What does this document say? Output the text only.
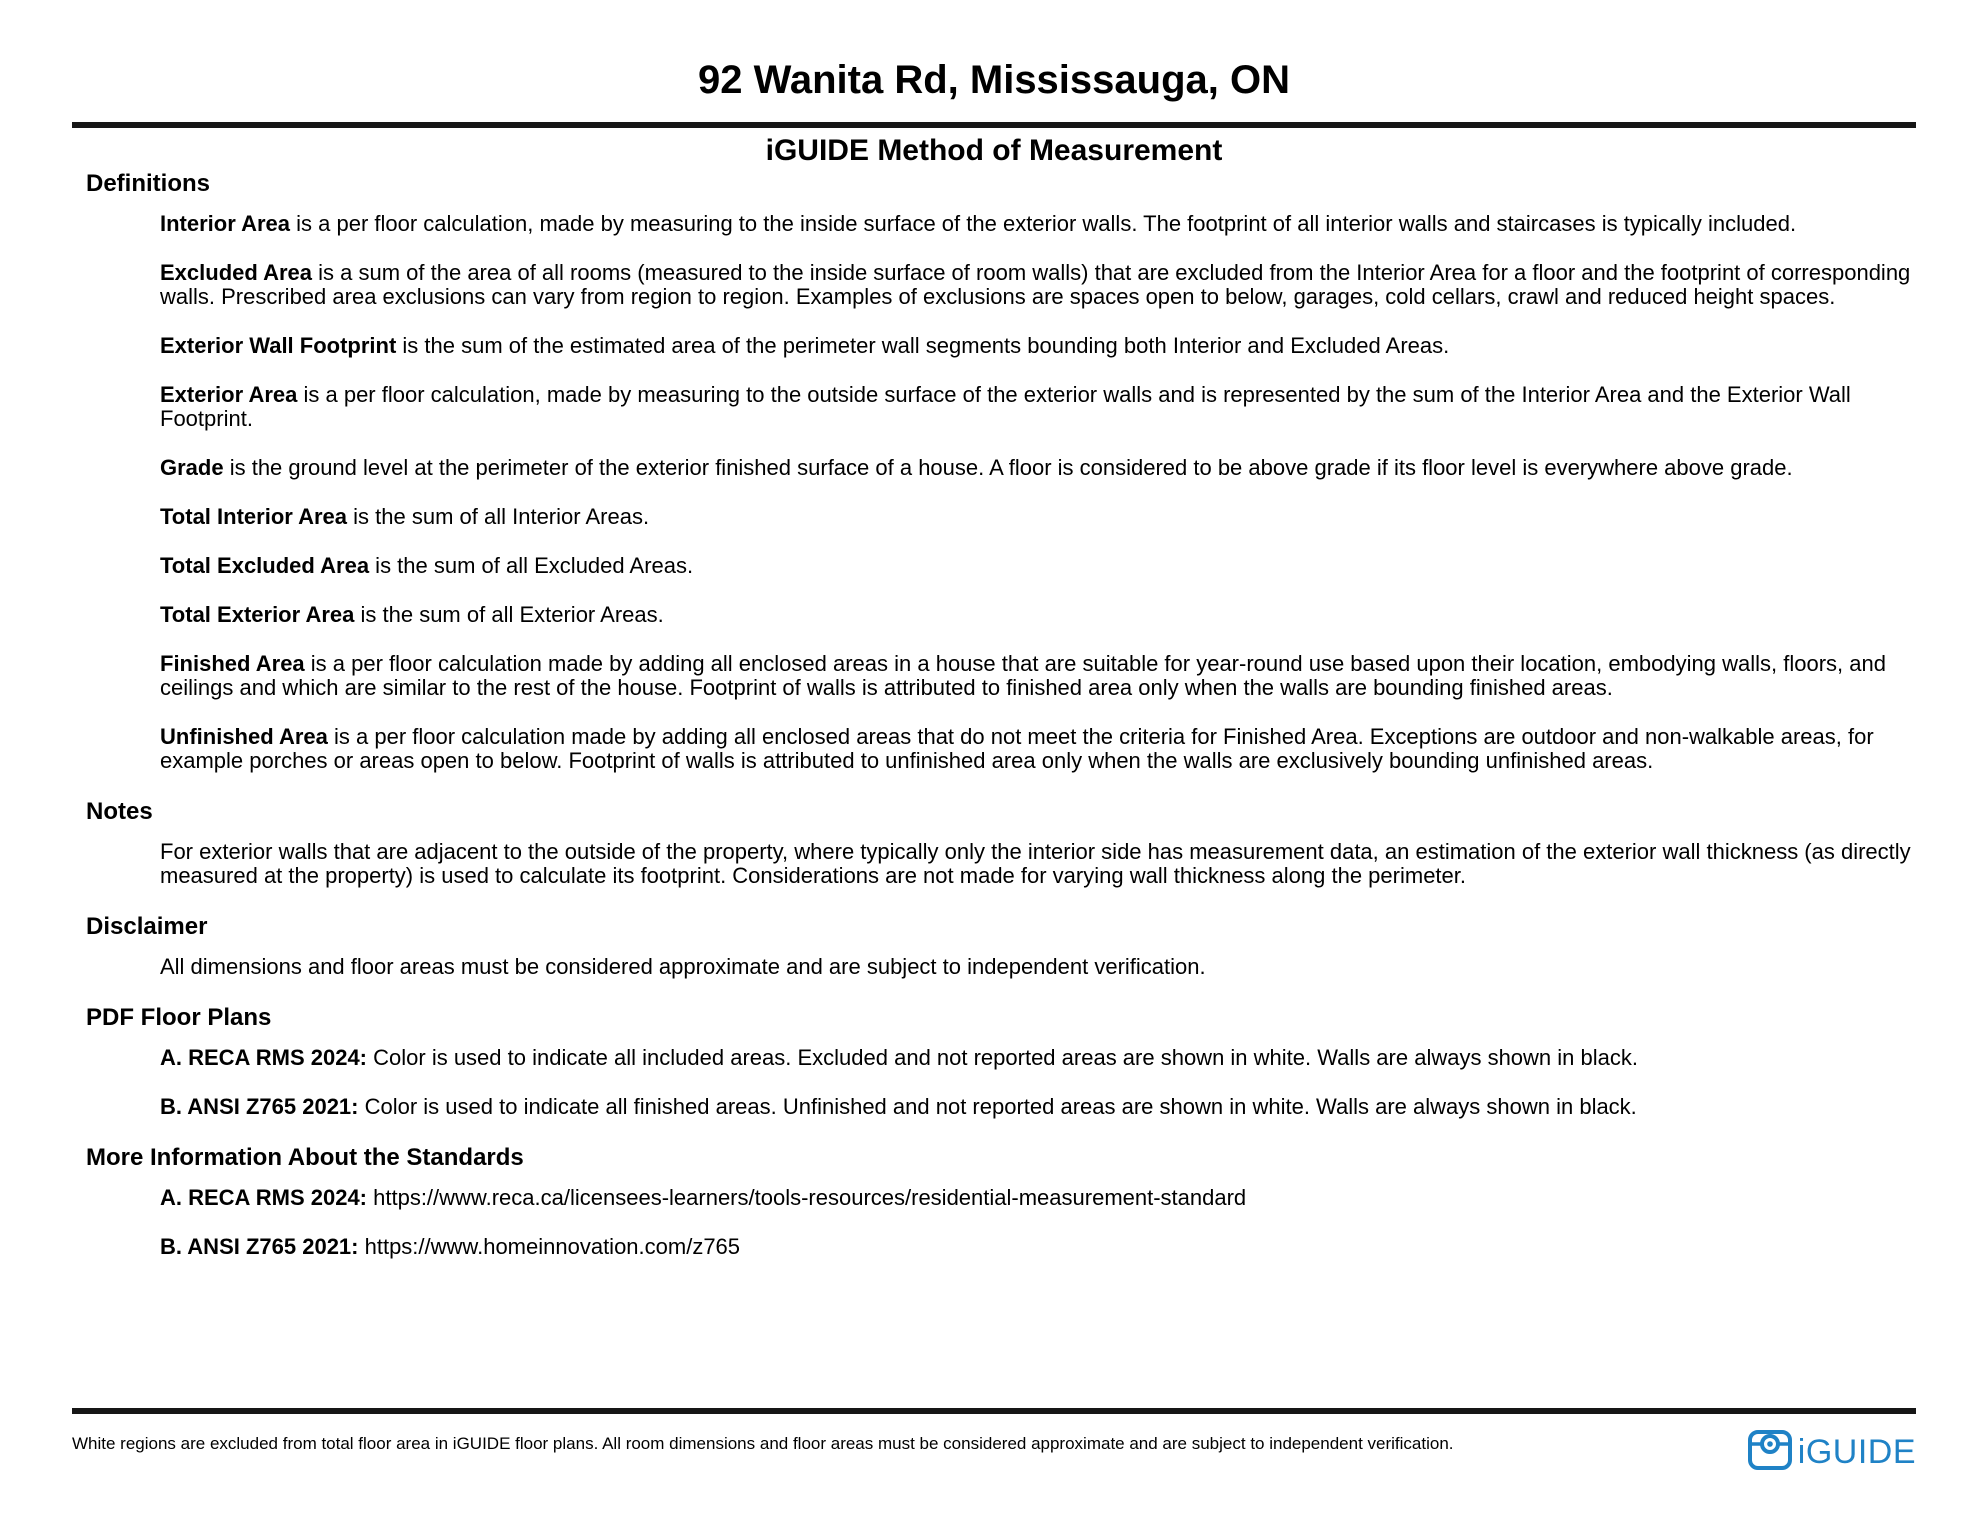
92 Wanita Rd, Mississauga, ON
iGUIDE Method of Measurement
Definitions

Interior Area is a per floor calculation, made by measuring to the inside surface of the exterior walls. The footprint of all interior walls and staircases is typically included.

Excluded Area is a sum of the area of all rooms (measured to the inside surface of room walls) that are excluded from the Interior Area for a floor and the footprint of corresponding walls. Prescribed area exclusions can vary from region to region. Examples of exclusions are spaces open to below, garages, cold cellars, crawl and reduced height spaces.

Exterior Wall Footprint is the sum of the estimated area of the perimeter wall segments bounding both Interior and Excluded Areas.

Exterior Area is a per floor calculation, made by measuring to the outside surface of the exterior walls and is represented by the sum of the Interior Area and the Exterior Wall Footprint.

Grade is the ground level at the perimeter of the exterior finished surface of a house. A floor is considered to be above grade if its floor level is everywhere above grade.

Total Interior Area is the sum of all Interior Areas.

Total Excluded Area is the sum of all Excluded Areas.

Total Exterior Area is the sum of all Exterior Areas.

Finished Area is a per floor calculation made by adding all enclosed areas in a house that are suitable for year-round use based upon their location, embodying walls, floors, and ceilings and which are similar to the rest of the house. Footprint of walls is attributed to finished area only when the walls are bounding finished areas.

Unfinished Area is a per floor calculation made by adding all enclosed areas that do not meet the criteria for Finished Area. Exceptions are outdoor and non-walkable areas, for example porches or areas open to below. Footprint of walls is attributed to unfinished area only when the walls are exclusively bounding unfinished areas.

Notes

For exterior walls that are adjacent to the outside of the property, where typically only the interior side has measurement data, an estimation of the exterior wall thickness (as directly measured at the property) is used to calculate its footprint. Considerations are not made for varying wall thickness along the perimeter.

Disclaimer

All dimensions and floor areas must be considered approximate and are subject to independent verification.

PDF Floor Plans

A. RECA RMS 2024: Color is used to indicate all included areas. Excluded and not reported areas are shown in white. Walls are always shown in black.

B. ANSI Z765 2021: Color is used to indicate all finished areas. Unfinished and not reported areas are shown in white. Walls are always shown in black.

More Information About the Standards

A. RECA RMS 2024: https://www.reca.ca/licensees-learners/tools-resources/residential-measurement-standard

B. ANSI Z765 2021: https://www.homeinnovation.com/z765

White regions are excluded from total floor area in iGUIDE floor plans. All room dimensions and floor areas must be considered approximate and are subject to independent verification.	iGUIDE
